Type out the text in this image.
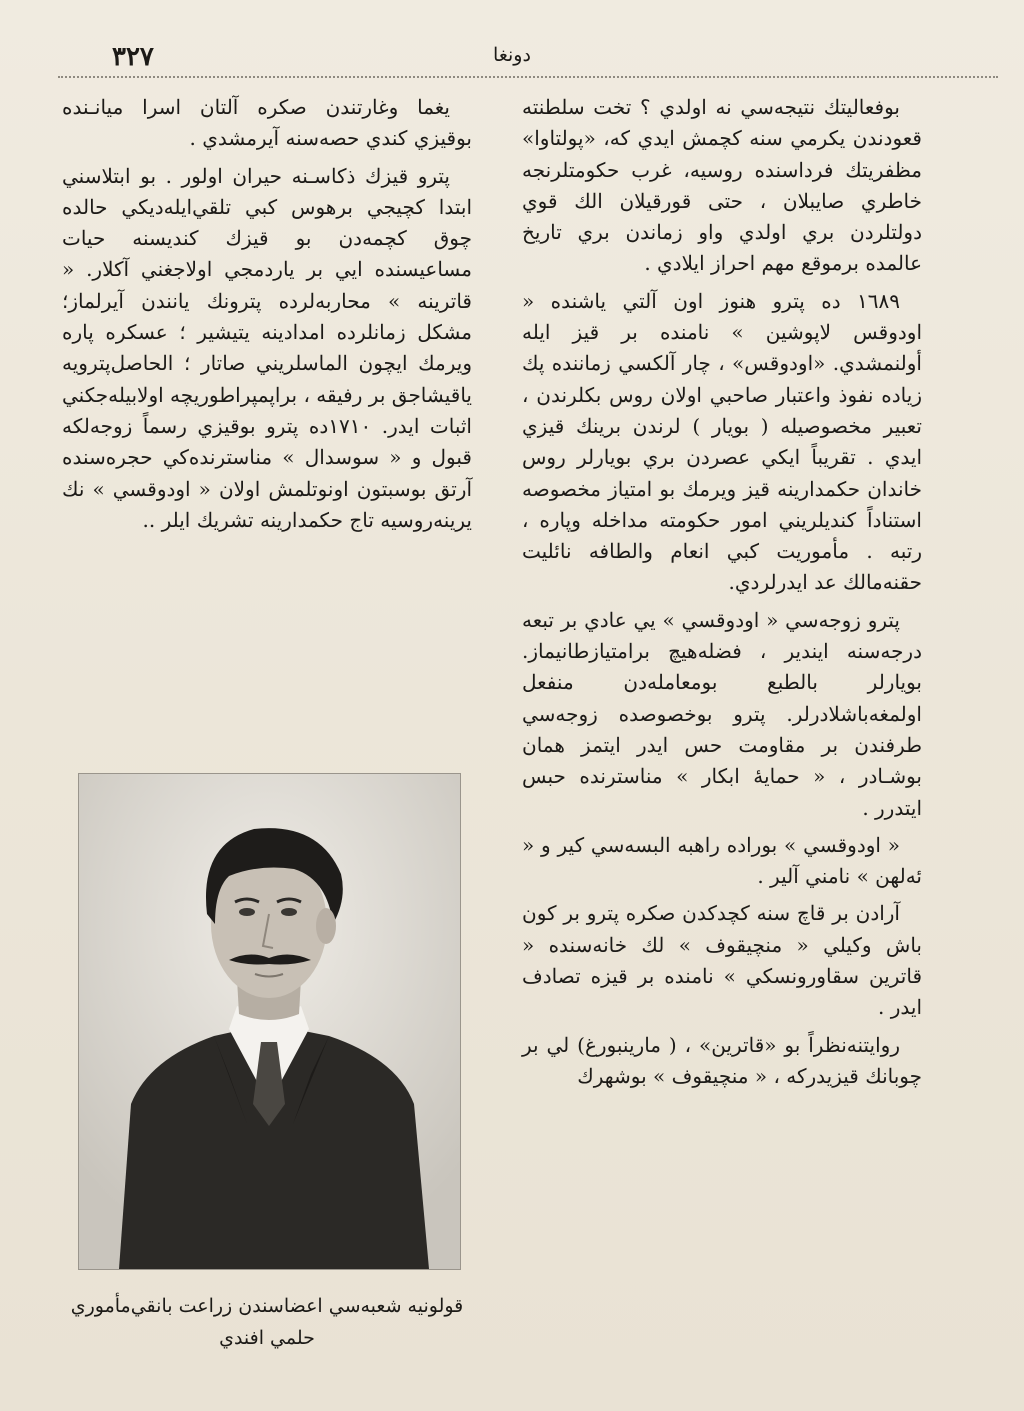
٣٢٧	دونغا

بوفعاليتك نتيجه‌سي نه اولدي ؟ تخت سلطنته قعودندن يكرمي سنه كچمش ايدي كه، «پولتاوا» مظفريتك فرداسنده روسيه، غرب حكومتلرنجه خاطري صايبلان ، حتى قورقيلان الك قوي دولتلردن بري اولدي واو زماندن بري تاريخ عالمده برموقع مهم احراز ايلادي .

١٦٨٩ ده پترو هنوز اون آلتي ياشنده « اودوقس لاپوشين » نامنده بر قيز ايله أولنمشدي. «اودوقس» ، چار آلكسي زماننده پك زياده نفوذ واعتبار صاحبي اولان روس بكلرندن ، تعبير مخصوصيله ( بويار ) لرندن برينك قيزي ايدي . تقريباً ايكي عصردن بري بويارلر روس خاندان حكمدارينه قيز ويرمك بو امتياز مخصوصه استناداً كنديلريني امور حكومته مداخله وپاره ، رتبه . مأموريت كبي انعام والطافه نائليت حقنه‌مالك عد ايدرلردي.

پترو زوجه‌سي « اودوقسي » يي عادي بر تبعه درجه‌سنه ايندير ، فضله‌هيچ برامتيازطانيماز. بويارلر بالطبع بومعامله‌دن منفعل اولمغه‌باشلادرلر. پترو بوخصوصده زوجه‌سي طرفندن بر مقاومت حس ايدر ايتمز همان بوشـادر ، « حمايهٔ ابكار » مناسترنده حبس ايتدرر .

« اودوقسي » بوراده راهبه البسه‌سي كير و « ئه‌لهن » نامني آلير .

آرادن بر قاچ سنه كچدكدن صكره پترو بر كون باش وكيلي « منچيقوف » لك خانه‌سنده « قاترين سقاورونسكي » نامنده بر قيزه تصادف ايدر .

روايتنه‌نظراً بو «قاترين» ، ( مارينبورغ) لي بر چوبانك قيزيدركه ، « منچيقوف » بوشهرك

يغما وغارتندن صكره آلتان اسرا ميانـنده بوقيزي كندي حصه‌سنه آيرمشدي .

پترو قيزك ذكاسـنه حيران اولور . بو ابتلاسني ابتدا كچيجي برهوس كبي تلقي‌ايله‌ديكي حالده چوق كچمه‌دن بو قيزك كنديسنه حيات مساعيسنده ايي بر ياردمجي اولاجغني آكلار. « قاترينه » محاربه‌لرده پترونك يانندن آيرلماز؛ مشكل زمانلرده امدادينه يتيشير ؛ عسكره پاره ويرمك ايچون الماسلريني صاتار ؛ الحاصل‌پترويه ياقيشاجق بر رفيقه ، براپمپراطوريچه اولابيله‌جكني اثبات ايدر. ١٧١٠ده پترو بوقيزي رسماً زوجه‌لكه قبول و « سوسدال » مناسترنده‌كي حجره‌سنده آرتق بوسبتون اونوتلمش اولان « اودوقسي » نك يرينه‌روسيه تاج حكمدارينه تشريك ايلر ..

قولونيه شعبه‌سي اعضاسندن زراعت بانقي‌مأموري
حلمي افندي
